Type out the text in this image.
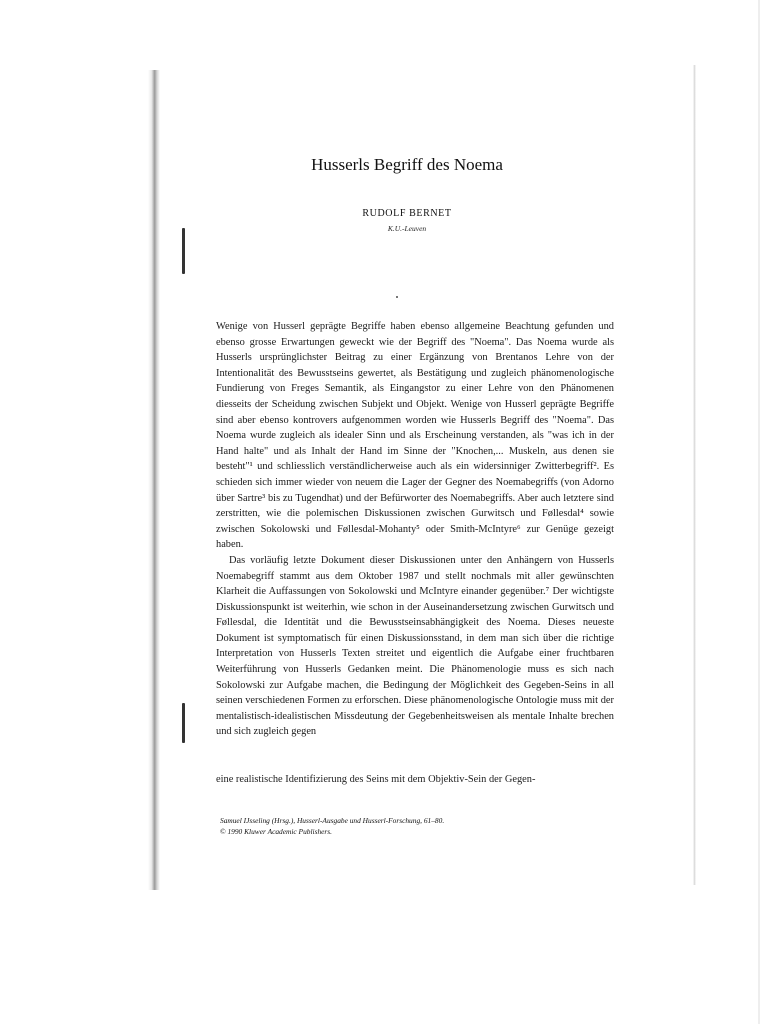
Husserls Begriff des Noema
RUDOLF BERNET
K.U.-Leuven

Wenige von Husserl geprägte Begriffe haben ebenso allgemeine Beachtung gefunden und ebenso grosse Erwartungen geweckt wie der Begriff des "Noema". Das Noema wurde als Husserls ursprünglichster Beitrag zu einer Ergänzung von Brentanos Lehre von der Intentionalität des Bewusstseins gewertet, als Bestätigung und zugleich phänomenologische Fundierung von Freges Semantik, als Eingangstor zu einer Lehre von den Phänomenen diesseits der Scheidung zwischen Subjekt und Objekt. Wenige von Husserl geprägte Begriffe sind aber ebenso kontrovers aufgenommen worden wie Husserls Begriff des "Noema". Das Noema wurde zugleich als idealer Sinn und als Erscheinung verstanden, als "was ich in der Hand halte" und als Inhalt der Hand im Sinne der "Knochen,... Muskeln, aus denen sie besteht"¹ und schliesslich verständlicherweise auch als ein widersinniger Zwitterbegriff². Es schieden sich immer wieder von neuem die Lager der Gegner des Noemabegriffs (von Adorno über Sartre³ bis zu Tugendhat) und der Befürworter des Noemabegriffs. Aber auch letztere sind zerstritten, wie die polemischen Diskussionen zwischen Gurwitsch und Føllesdal⁴ sowie zwischen Sokolowski und Føllesdal-Mohanty⁵ oder Smith-McIntyre⁶ zur Genüge gezeigt haben.

Das vorläufig letzte Dokument dieser Diskussionen unter den Anhängern von Husserls Noemabegriff stammt aus dem Oktober 1987 und stellt nochmals mit aller gewünschten Klarheit die Auffassungen von Sokolowski und McIntyre einander gegenüber.⁷ Der wichtigste Diskussionspunkt ist weiterhin, wie schon in der Auseinandersetzung zwischen Gurwitsch und Føllesdal, die Identität und die Bewusstseinsabhängigkeit des Noema. Dieses neueste Dokument ist symptomatisch für einen Diskussionsstand, in dem man sich über die richtige Interpretation von Husserls Texten streitet und eigentlich die Aufgabe einer fruchtbaren Weiterführung von Husserls Gedanken meint. Die Phänomenologie muss es sich nach Sokolowski zur Aufgabe machen, die Bedingung der Möglichkeit des Gegeben-Seins in all seinen verschiedenen Formen zu erforschen. Diese phänomenologische Ontologie muss mit der mentalistisch-idealistischen Missdeutung der Gegebenheitsweisen als mentale Inhalte brechen und sich zugleich gegen

eine realistische Identifizierung des Seins mit dem Objektiv-Sein der Gegen-
Samuel IJsseling (Hrsg.), Husserl-Ausgabe und Husserl-Forschung, 61–80.
© 1990 Kluwer Academic Publishers.
